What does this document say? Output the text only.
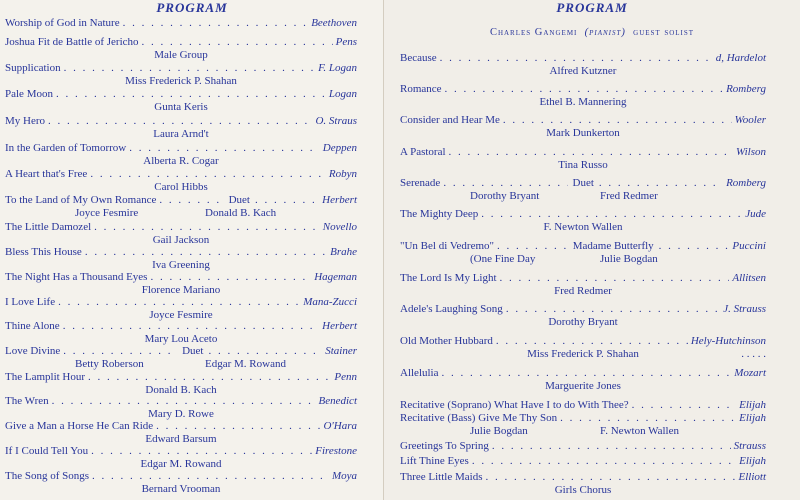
PROGRAM
Worship of God in Nature . . .	Beethoven
Joshua Fit de Battle of Jericho . . .	Pens
Male Group
Supplication . . .	F. Logan
Miss Frederick P. Shahan
Pale Moon . . .	Logan
Gunta Keris
My Hero . . .	O. Straus
Laura Arnd't
In the Garden of Tomorrow . . .	Deppen
Alberta R. Cogar
A Heart that's Free . . .	Robyn
Carol Hibbs
To the Land of My Own Romance . . .	Duet . . .	Herbert
Joyce Fesmire	Donald B. Kach
The Little Damozel . . .	Novello
Gail Jackson
Bless This House . . .	Brahe
Iva Greening
The Night Has a Thousand Eyes . . .	Hageman
Florence Mariano
I Love Life . . .	Mana-Zucci
Joyce Fesmire
Thine Alone . . .	Herbert
Mary Lou Aceto
Love Divine . . .	Duet . . .	Stainer
Betty Roberson	Edgar M. Rowand
The Lamplit Hour . . .	Penn
Donald B. Kach
The Wren . . .	Benedict
Mary D. Rowe
Give a Man a Horse He Can Ride . . .	O'Hara
Edward Barsum
If I Could Tell You . . .	Firestone
Edgar M. Rowand
The Song of Songs . . .	Moya
Bernard Vrooman
PROGRAM
Charles Gangemi (pianist) guest solist
Because . . .	d, Hardelot
Alfred Kutzner
Romance . . .	Romberg
Ethel B. Mannering
Consider and Hear Me . . .	Wooler
Mark Dunkerton
A Pastoral . . .	Wilson
Tina Russo
Serenade . . .	Duet . . .	Romberg
Dorothy Bryant	Fred Redmer
The Mighty Deep . . .	Jude
F. Newton Wallen
"Un Bel di Vedremo" . . .	Madame Butterfly . . .	Puccini
(One Fine Day	Julie Bogdan
The Lord Is My Light . . .	Allitsen
Fred Redmer
Adele's Laughing Song . . .	J. Strauss
Dorothy Bryant
Old Mother Hubbard . . .	Hely-Hutchinson
Miss Frederick P. Shahan	. . . . .
Allelulia . . .	Mozart
Marguerite Jones
Recitative (Soprano) What Have I to do With Thee? . . .	Elijah
Recitative (Bass) Give Me Thy Son . . .	Elijah
Julie Bogdan	F. Newton Wallen
Greetings To Spring . . .	Strauss
Lift Thine Eyes . . .	Elijah
Three Little Maids . . .	Elliott
Girls Chorus
